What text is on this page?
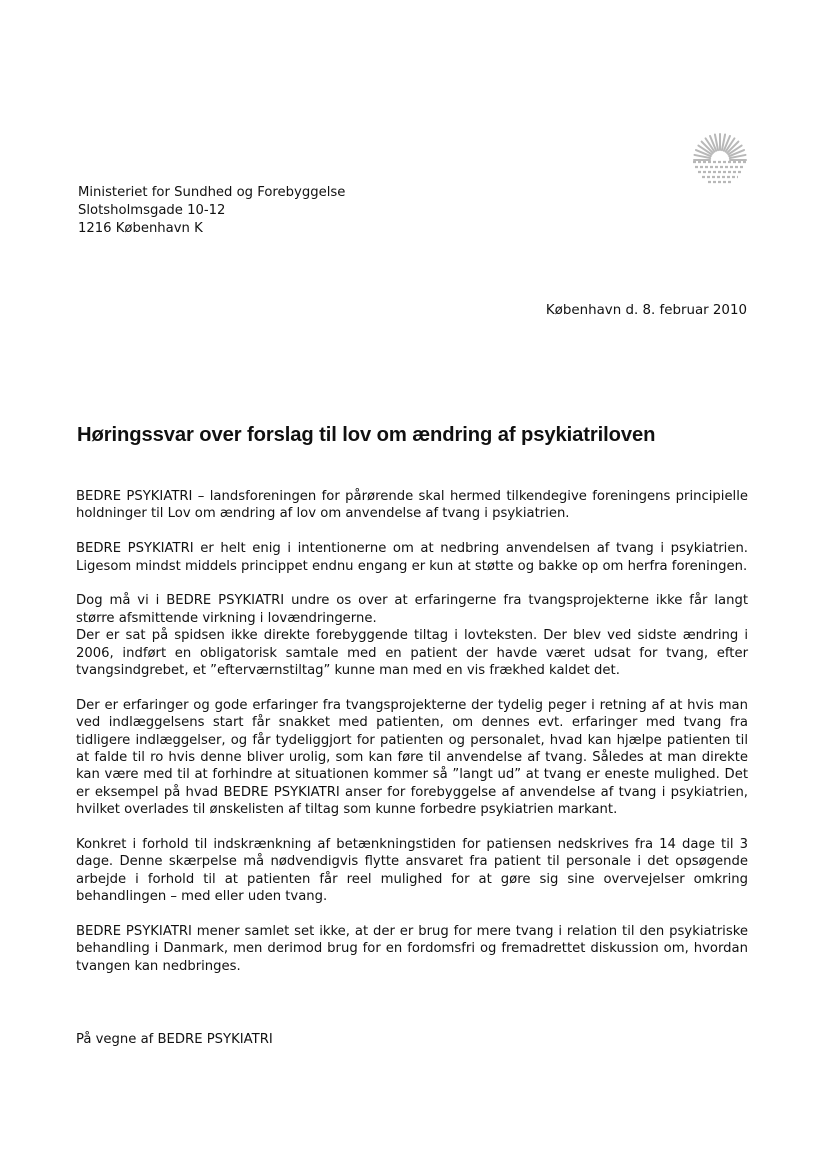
Ministeriet for Sundhed og Forebyggelse
Slotsholmsgade 10-12
1216 København K
København d. 8. februar 2010
Høringssvar over forslag til lov om ændring af psykiatriloven

BEDRE PSYKIATRI – landsforeningen for pårørende skal hermed tilkendegive foreningens principielle holdninger til Lov om ændring af lov om anvendelse af tvang i psykiatrien.

BEDRE PSYKIATRI er helt enig i intentionerne om at nedbring anvendelsen af tvang i psykiatrien. Ligesom mindst middels princippet endnu engang er kun at støtte og bakke op om herfra foreningen.

Dog må vi i BEDRE PSYKIATRI undre os over at erfaringerne fra tvangsprojekterne ikke får langt større afsmittende virkning i lovændringerne.

Der er sat på spidsen ikke direkte forebyggende tiltag i lovteksten. Der blev ved sidste ændring i 2006, indført en obligatorisk samtale med en patient der havde været udsat for tvang, efter tvangsindgrebet, et ”efterværnstiltag” kunne man med en vis frækhed kaldet det.

Der er erfaringer og gode erfaringer fra tvangsprojekterne der tydelig peger i retning af at hvis man ved indlæggelsens start får snakket med patienten, om dennes evt. erfaringer med tvang fra tidligere indlæggelser, og får tydeliggjort for patienten og personalet, hvad kan hjælpe patienten til at falde til ro hvis denne bliver urolig, som kan føre til anvendelse af tvang. Således at man direkte kan være med til at forhindre at situationen kommer så ”langt ud” at tvang er eneste mulighed. Det er eksempel på hvad BEDRE PSYKIATRI anser for forebyggelse af anvendelse af tvang i psykiatrien, hvilket overlades til ønskelisten af tiltag som kunne forbedre psykiatrien markant.

Konkret i forhold til indskrænkning af betænkningstiden for patiensen nedskrives fra 14 dage til 3 dage. Denne skærpelse må nødvendigvis flytte ansvaret fra patient til personale i det opsøgende arbejde i forhold til at patienten får reel mulighed for at gøre sig sine overvejelser omkring behandlingen – med eller uden tvang.

BEDRE PSYKIATRI mener samlet set ikke, at der er brug for mere tvang i relation til den psykiatriske behandling i Danmark, men derimod brug for en fordomsfri og fremadrettet diskussion om, hvordan tvangen kan nedbringes.

På vegne af BEDRE PSYKIATRI
